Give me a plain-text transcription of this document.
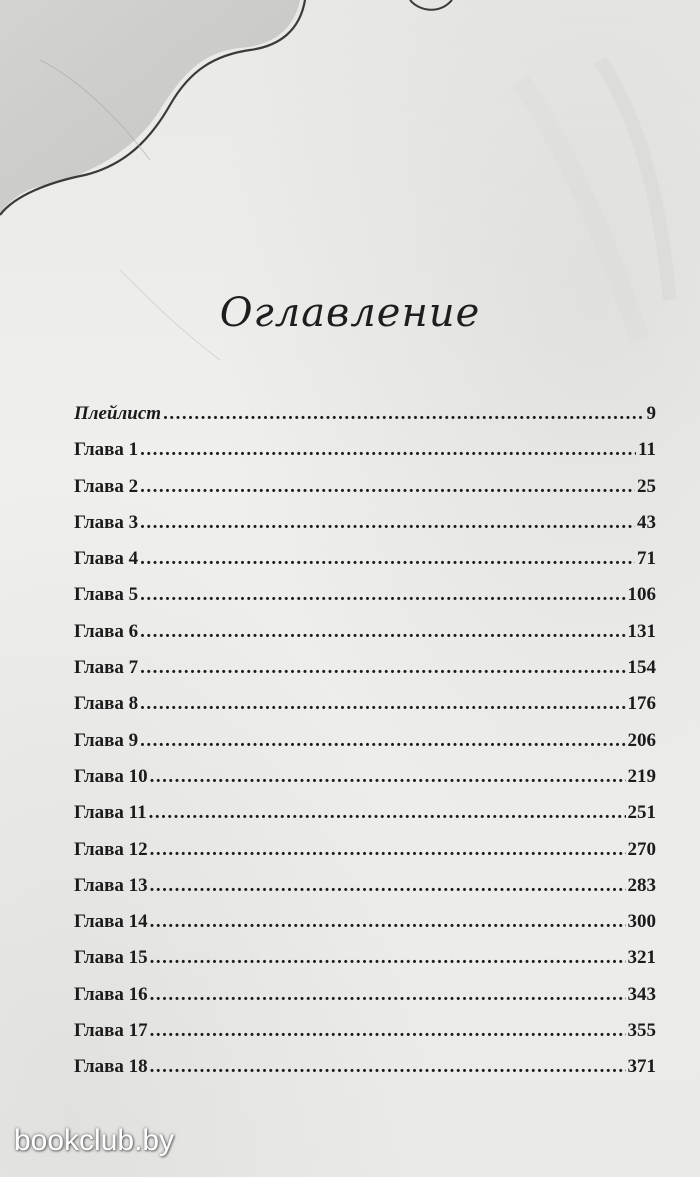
Оглавление
Плейлист .....	9
Глава 1 .....	11
Глава 2 .....	25
Глава 3 .....	43
Глава 4 .....	71
Глава 5 .....	106
Глава 6 .....	131
Глава 7 .....	154
Глава 8 .....	176
Глава 9 .....	206
Глава 10 .....	219
Глава 11 .....	251
Глава 12 .....	270
Глава 13 .....	283
Глава 14 .....	300
Глава 15 .....	321
Глава 16 .....	343
Глава 17 .....	355
Глава 18 .....	371
bookclub.by
